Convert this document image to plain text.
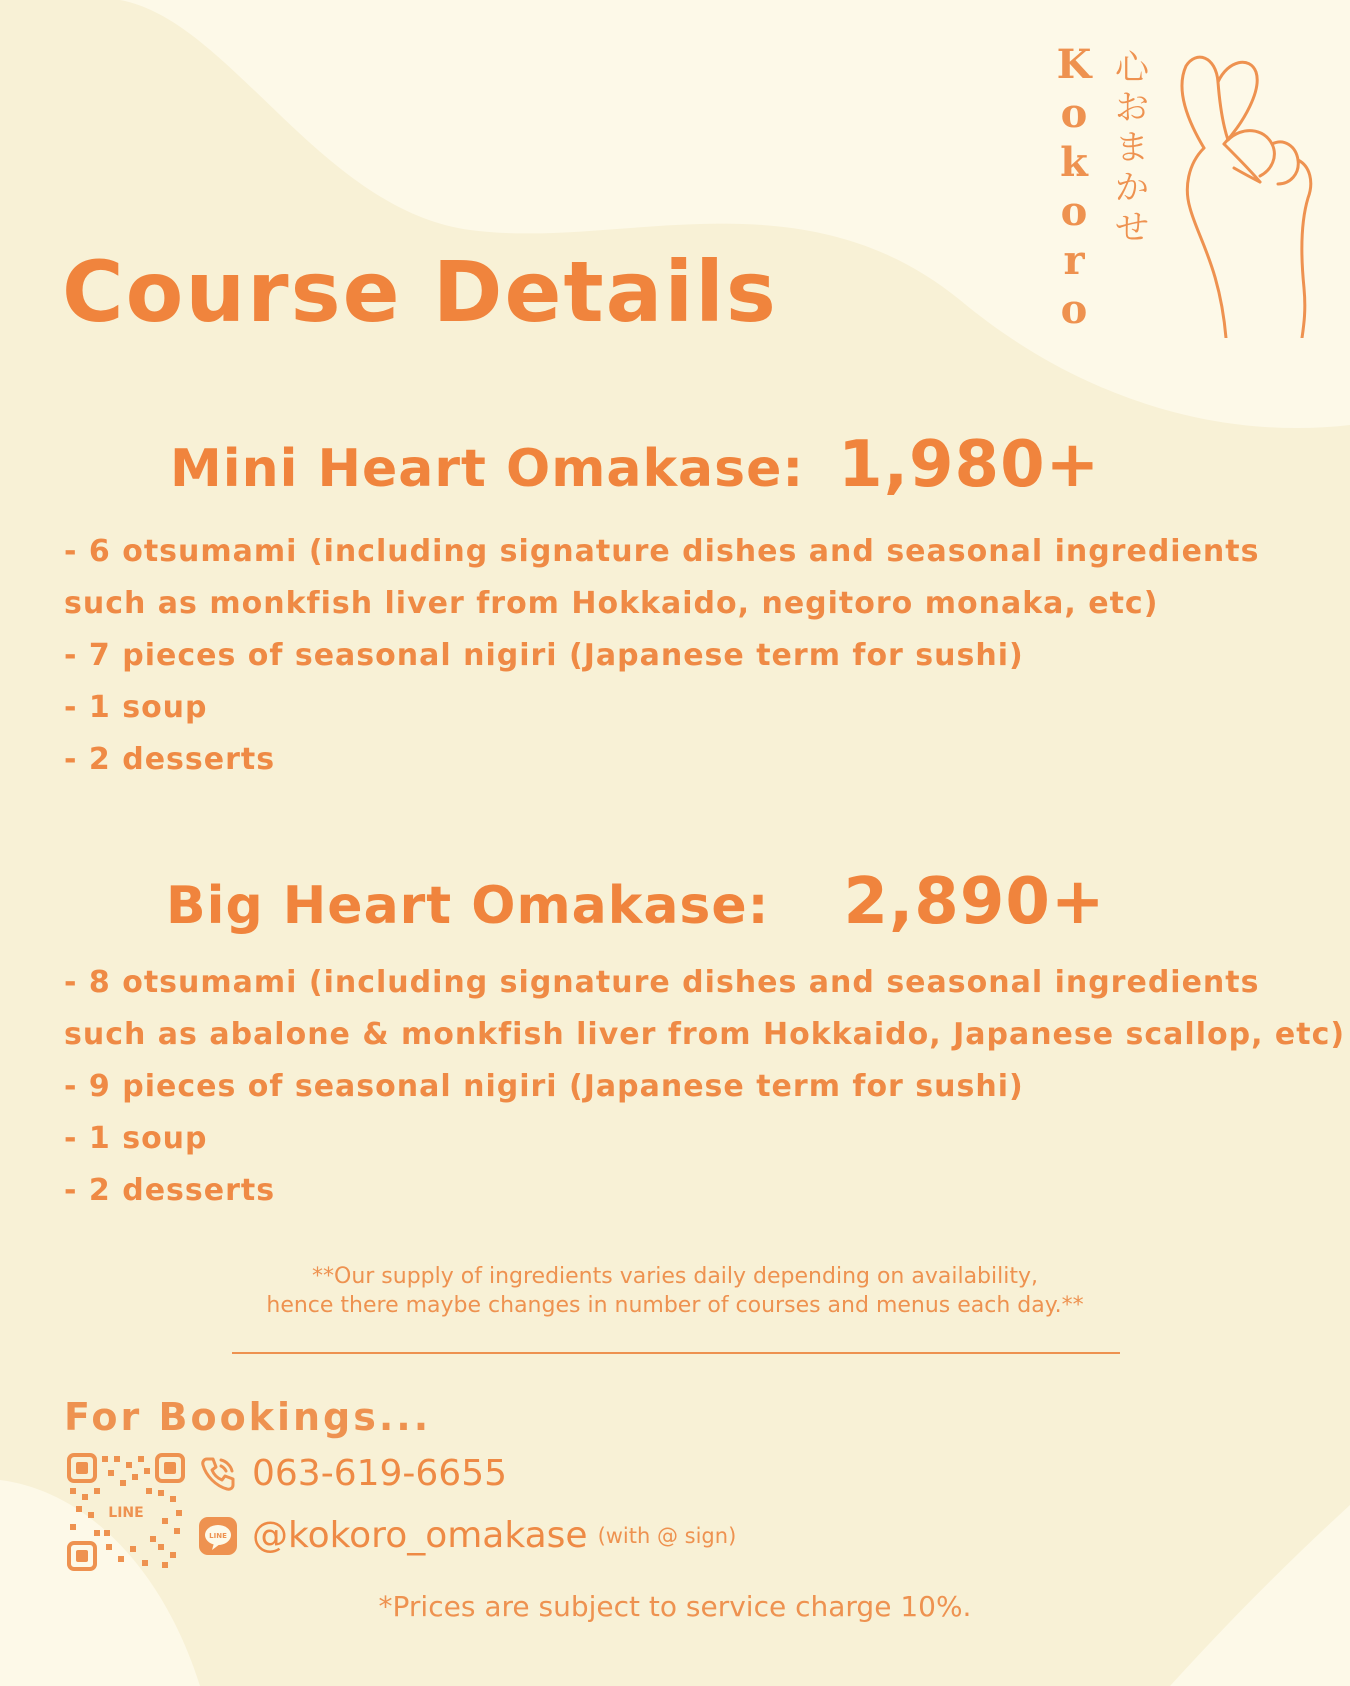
K
o
k
o
r
o
心
お
ま
か
せ
Course Details
Mini Heart Omakase: 1,980+
- 6 otsumami (including signature dishes and seasonal ingredients
such as monkfish liver from Hokkaido, negitoro monaka, etc)
- 7 pieces of seasonal nigiri (Japanese term for sushi)
- 1 soup
- 2 desserts
Big Heart Omakase: 2,890+
- 8 otsumami (including signature dishes and seasonal ingredients
such as abalone & monkfish liver from Hokkaido, Japanese scallop, etc)
- 9 pieces of seasonal nigiri (Japanese term for sushi)
- 1 soup
- 2 desserts
**Our supply of ingredients varies daily depending on availability,
hence there maybe changes in number of courses and menus each day.**
For Bookings...
LINE
063-619-6655
LINE @kokoro_omakase (with @ sign)
*Prices are subject to service charge 10%.
